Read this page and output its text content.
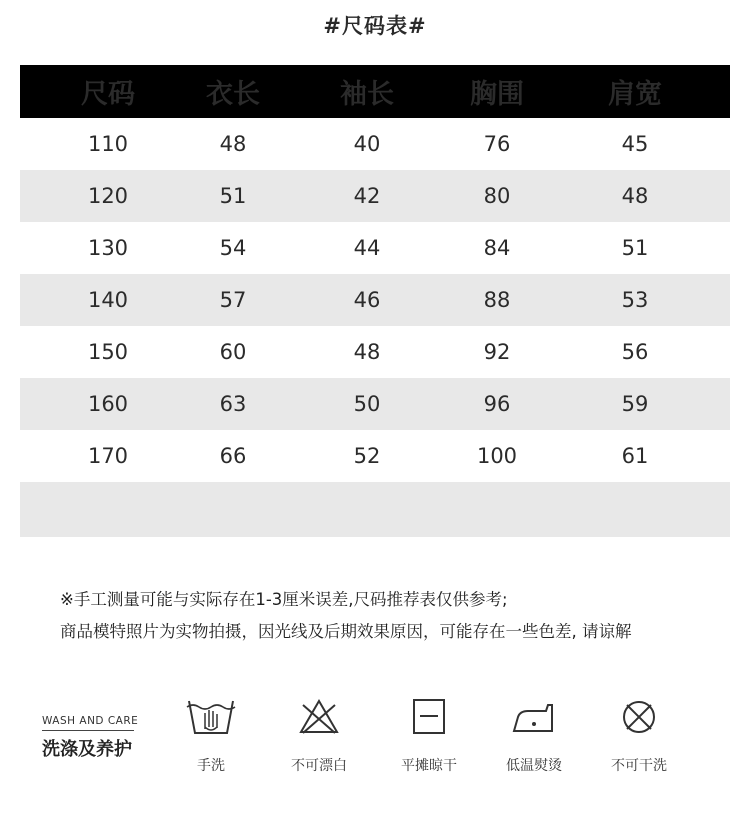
#尺码表#
尺码	衣长	袖长	胸围	肩宽
110	48	40	76	45
120	51	42	80	48
130	54	44	84	51
140	57	46	88	53
150	60	48	92	56
160	63	50	96	59
170	66	52	100	61
※手工测量可能与实际存在1-3厘米误差,尺码推荐表仅供参考;
商品模特照片为实物拍摄，因光线及后期效果原因，可能存在一些色差, 请谅解
WASH AND CARE
洗涤及养护
手洗	不可漂白	平摊晾干	低温熨烫	不可干洗
